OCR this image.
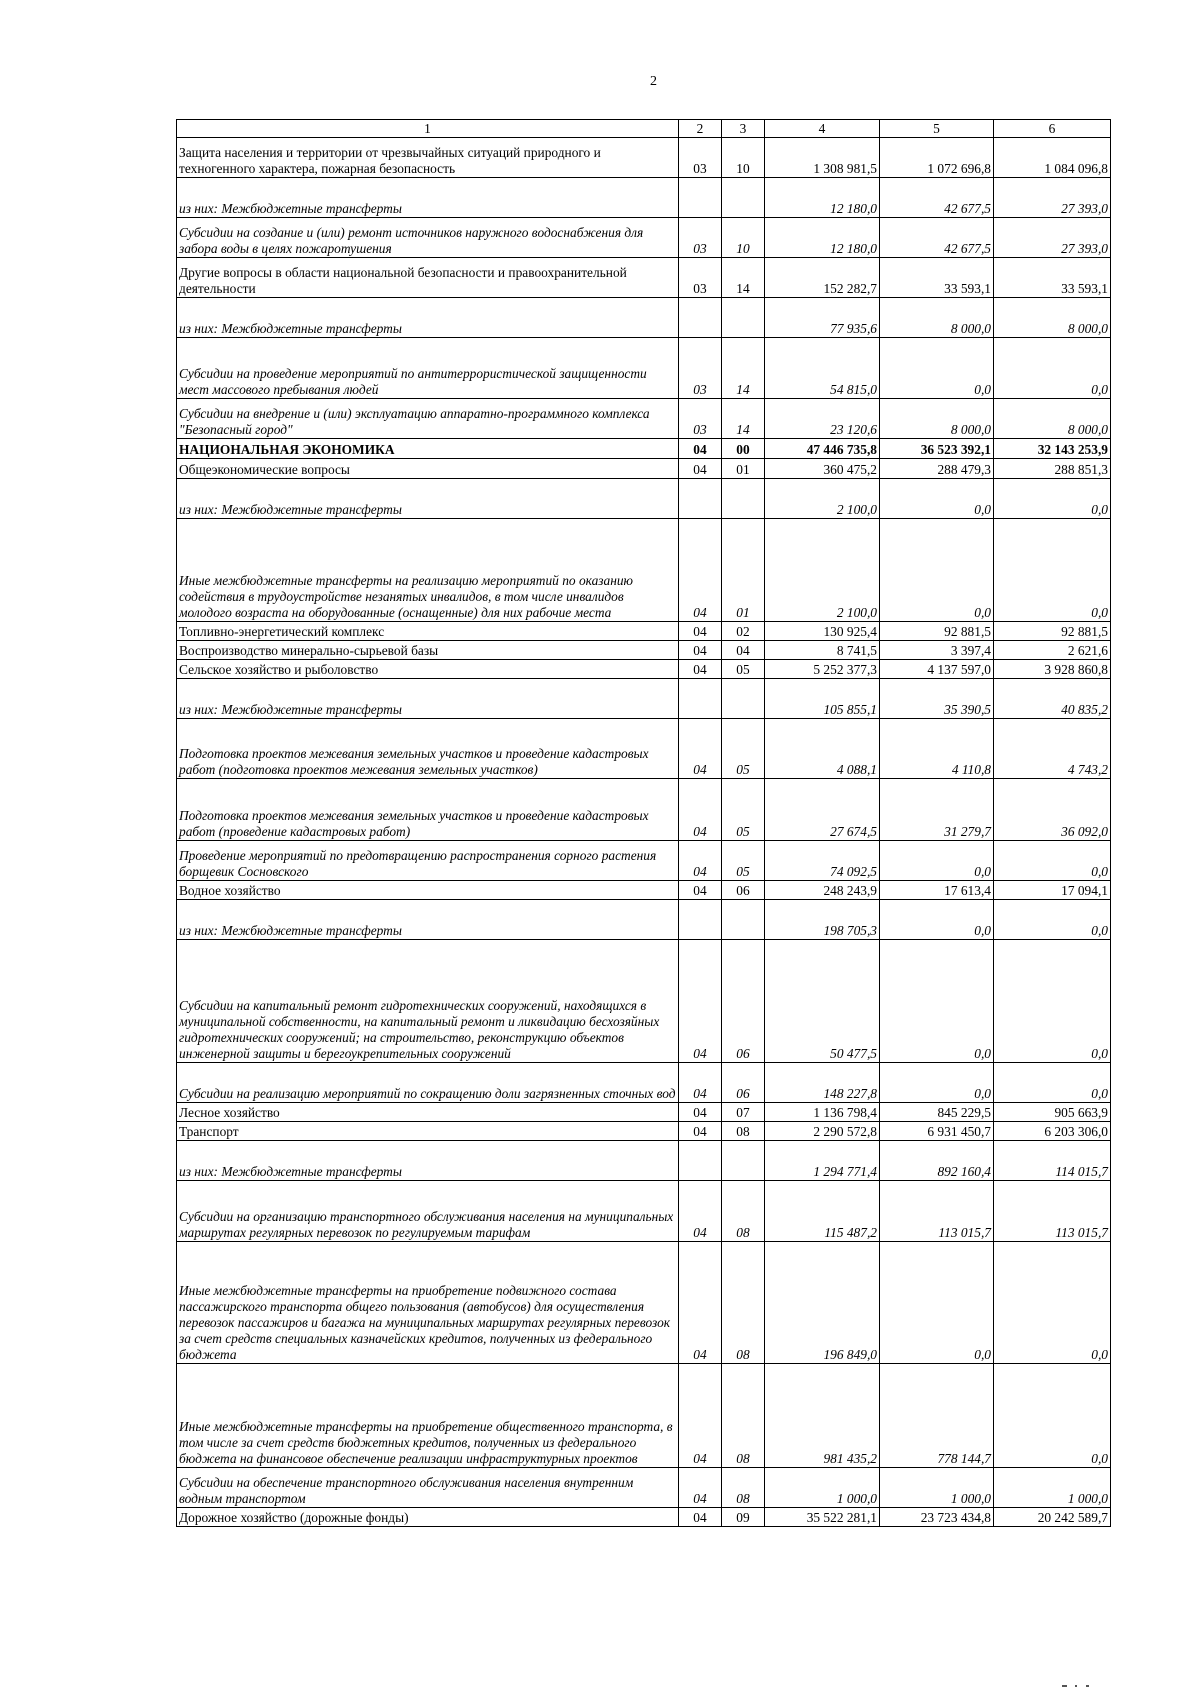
2
1	2	3	4	5	6
Защита населения и территории от чрезвычайных ситуаций природного и техногенного характера, пожарная безопасность	03	10	1 308 981,5	1 072 696,8	1 084 096,8
из них: Межбюджетные трансферты			12 180,0	42 677,5	27 393,0
Субсидии на создание и (или) ремонт источников наружного водоснабжения для забора воды в целях пожаротушения	03	10	12 180,0	42 677,5	27 393,0
Другие вопросы в области национальной безопасности и правоохранительной деятельности	03	14	152 282,7	33 593,1	33 593,1
из них: Межбюджетные трансферты			77 935,6	8 000,0	8 000,0
Субсидии на проведение мероприятий по антитеррористической защищенности мест массового пребывания людей	03	14	54 815,0	0,0	0,0
Субсидии на внедрение и (или) эксплуатацию аппаратно-программного комплекса "Безопасный город"	03	14	23 120,6	8 000,0	8 000,0
НАЦИОНАЛЬНАЯ ЭКОНОМИКА	04	00	47 446 735,8	36 523 392,1	32 143 253,9
Общеэкономические вопросы	04	01	360 475,2	288 479,3	288 851,3
из них: Межбюджетные трансферты			2 100,0	0,0	0,0
Иные межбюджетные трансферты на реализацию мероприятий по оказанию содействия в трудоустройстве незанятых инвалидов, в том числе инвалидов молодого возраста на оборудованные (оснащенные) для них рабочие места	04	01	2 100,0	0,0	0,0
Топливно-энергетический комплекс	04	02	130 925,4	92 881,5	92 881,5
Воспроизводство минерально-сырьевой базы	04	04	8 741,5	3 397,4	2 621,6
Сельское хозяйство и рыболовство	04	05	5 252 377,3	4 137 597,0	3 928 860,8
из них: Межбюджетные трансферты			105 855,1	35 390,5	40 835,2
Подготовка проектов межевания земельных участков и проведение кадастровых работ (подготовка проектов межевания земельных участков)	04	05	4 088,1	4 110,8	4 743,2
Подготовка проектов межевания земельных участков и проведение кадастровых работ (проведение кадастровых работ)	04	05	27 674,5	31 279,7	36 092,0
Проведение мероприятий по предотвращению распространения сорного растения борщевик Сосновского	04	05	74 092,5	0,0	0,0
Водное хозяйство	04	06	248 243,9	17 613,4	17 094,1
из них: Межбюджетные трансферты			198 705,3	0,0	0,0
Субсидии на капитальный ремонт гидротехнических сооружений, находящихся в муниципальной собственности, на капитальный ремонт и ликвидацию бесхозяйных гидротехнических сооружений; на строительство, реконструкцию объектов инженерной защиты и берегоукрепительных сооружений	04	06	50 477,5	0,0	0,0
Субсидии на реализацию мероприятий по сокращению доли загрязненных сточных вод	04	06	148 227,8	0,0	0,0
Лесное хозяйство	04	07	1 136 798,4	845 229,5	905 663,9
Транспорт	04	08	2 290 572,8	6 931 450,7	6 203 306,0
из них: Межбюджетные трансферты			1 294 771,4	892 160,4	114 015,7
Субсидии на организацию транспортного обслуживания населения на муниципальных маршрутах регулярных перевозок по регулируемым тарифам	04	08	115 487,2	113 015,7	113 015,7
Иные межбюджетные трансферты на приобретение подвижного состава пассажирского транспорта общего пользования (автобусов) для осуществления перевозок пассажиров и багажа на муниципальных маршрутах регулярных перевозок за счет средств специальных казначейских кредитов, полученных из федерального бюджета	04	08	196 849,0	0,0	0,0
Иные межбюджетные трансферты на приобретение общественного транспорта, в том числе за счет средств бюджетных кредитов, полученных из федерального бюджета на финансовое обеспечение реализации инфраструктурных проектов	04	08	981 435,2	778 144,7	0,0
Субсидии на обеспечение транспортного обслуживания населения внутренним водным транспортом	04	08	1 000,0	1 000,0	1 000,0
Дорожное хозяйство (дорожные фонды)	04	09	35 522 281,1	23 723 434,8	20 242 589,7
